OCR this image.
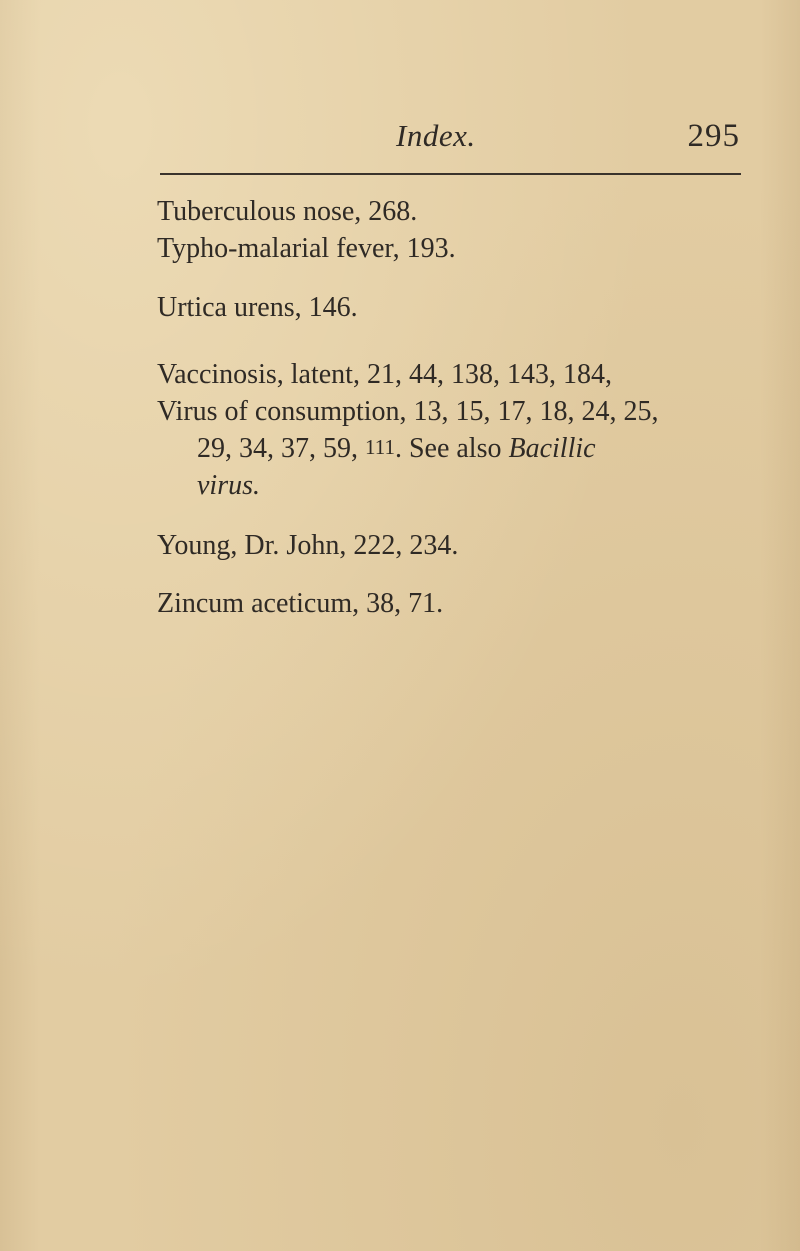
Index.	295
Tuberculous nose, 268.
Typho-malarial fever, 193.
Urtica urens, 146.
Vaccinosis, latent, 21, 44, 138, 143, 184,
Virus of consumption, 13, 15, 17, 18, 24, 25,
29, 34, 37, 59, 111. See also Bacillic
virus.
Young, Dr. John, 222, 234.
Zincum aceticum, 38, 71.
